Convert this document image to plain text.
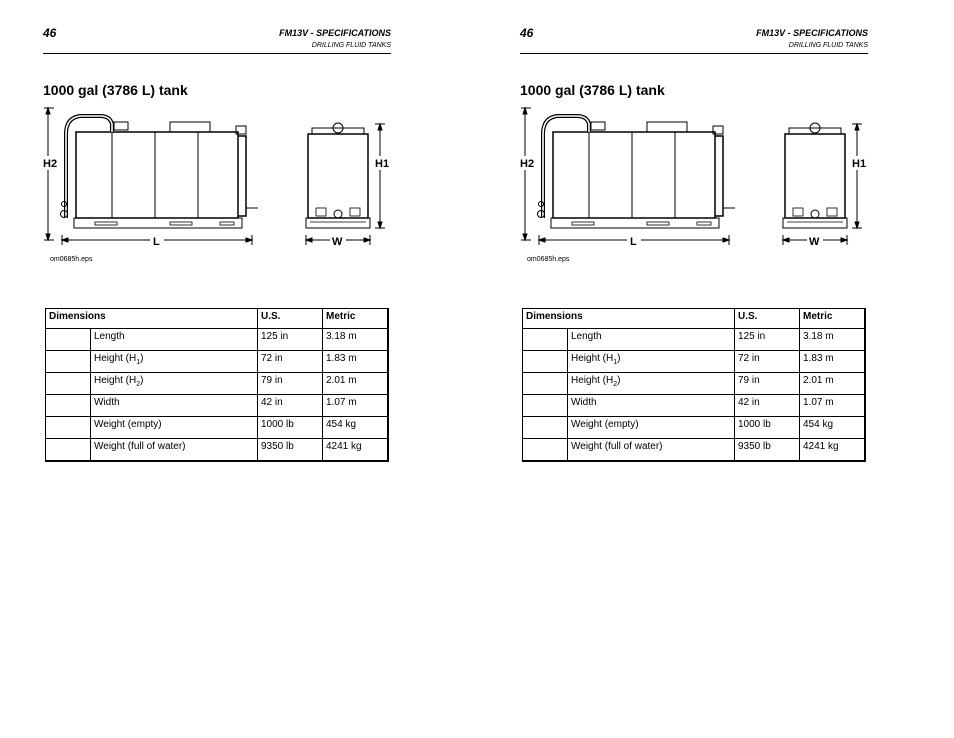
46	FM13V - SPECIFICATIONS
DRILLING FLUID TANKS
1000 gal (3786 L) tank
H2
L
H1
W
om0685h.eps
Dimensions		U.S.	Metric
	Length	125 in	3.18 m
	Height $(H_1)$	72 in	1.83 m
	Height $(H_2)$	79 in	2.01 m
	Width	42 in	1.07 m
	Weight (empty)	1000 lb	454 kg
	Weight (full of water)	9350 lb	4241 kg
46	FM13V - SPECIFICATIONS
DRILLING FLUID TANKS
1000 gal (3786 L) tank
H2
L
H1
W
om0685h.eps
Dimensions		U.S.	Metric
	Length	125 in	3.18 m
	Height $(H_1)$	72 in	1.83 m
	Height $(H_2)$	79 in	2.01 m
	Width	42 in	1.07 m
	Weight (empty)	1000 lb	454 kg
	Weight (full of water)	9350 lb	4241 kg
